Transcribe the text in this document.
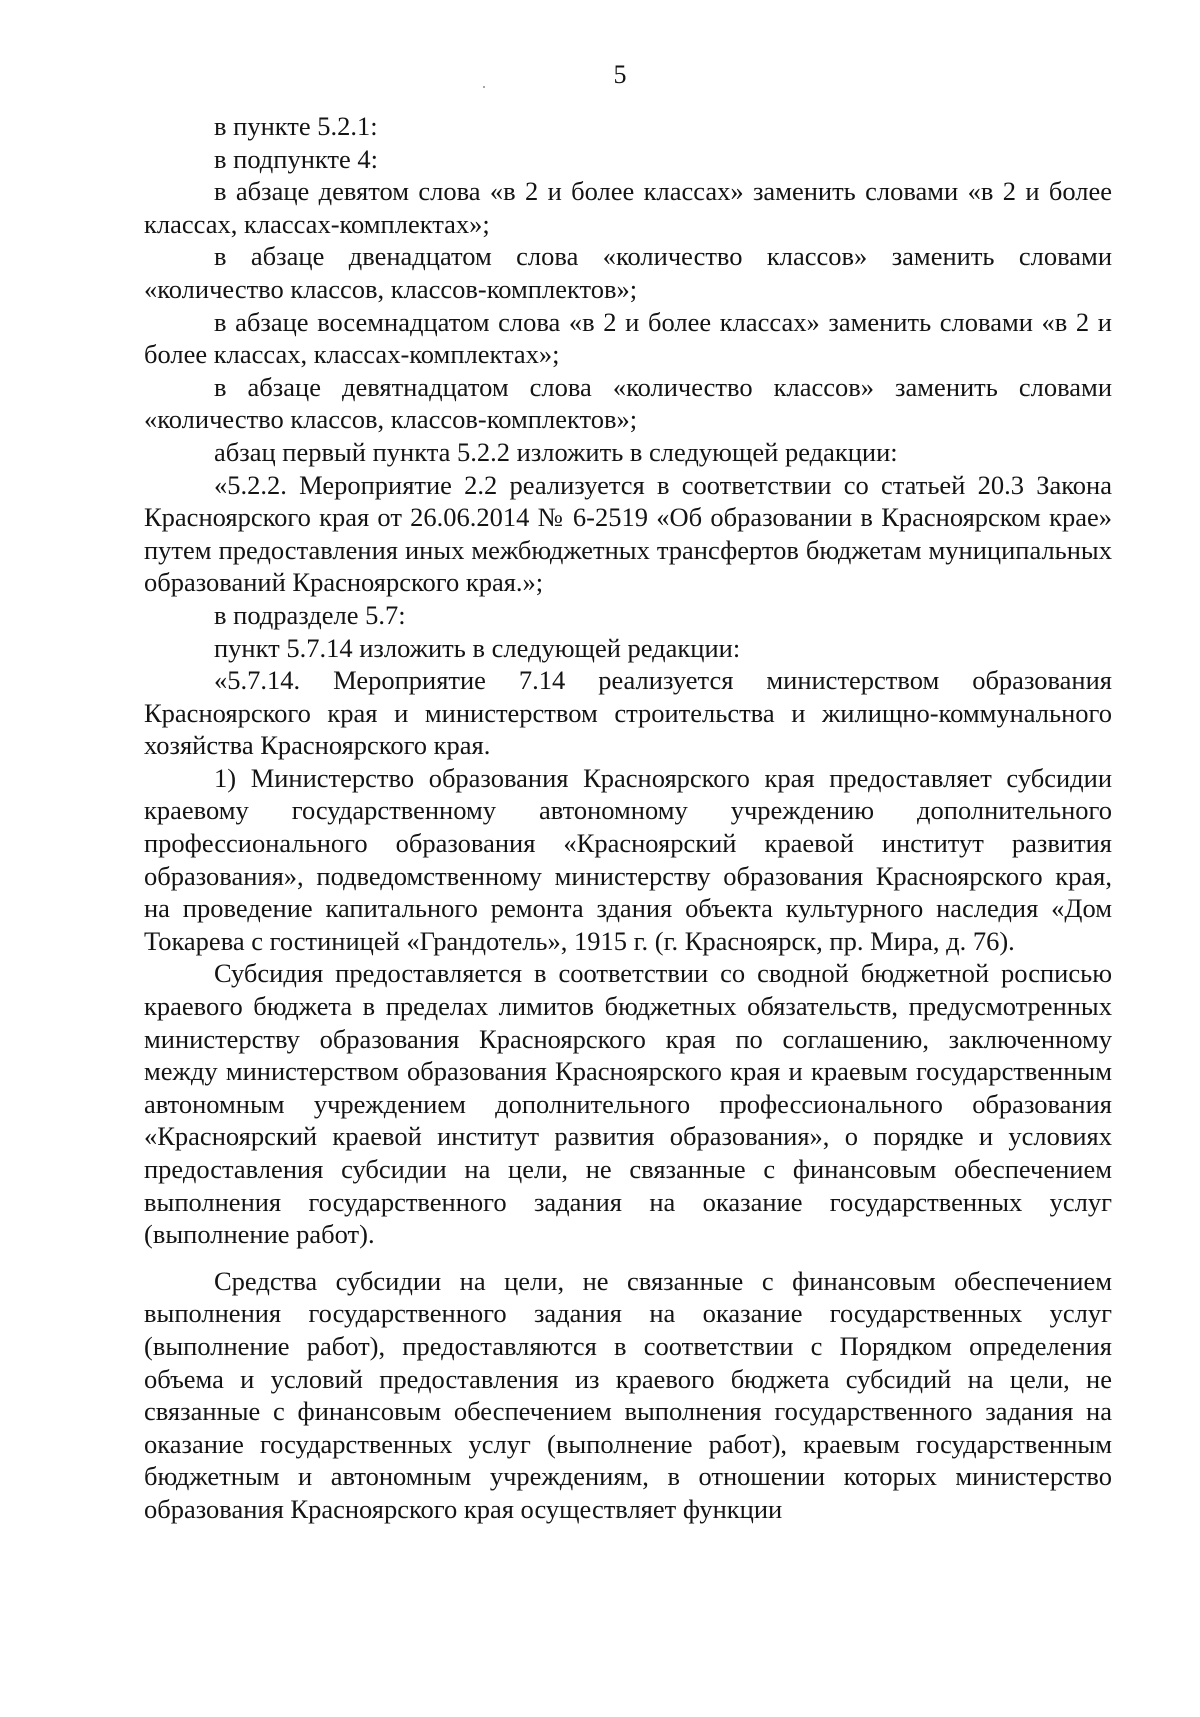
5

в пункте 5.2.1:

в подпункте 4:

в абзаце девятом слова «в 2 и более классах» заменить словами «в 2 и более классах, классах-комплектах»;

в абзаце двенадцатом слова «количество классов» заменить словами «количество классов, классов-комплектов»;

в абзаце восемнадцатом слова «в 2 и более классах» заменить словами «в 2 и более классах, классах-комплектах»;

в абзаце девятнадцатом слова «количество классов» заменить словами «количество классов, классов-комплектов»;

абзац первый пункта 5.2.2 изложить в следующей редакции:

«5.2.2. Мероприятие 2.2 реализуется в соответствии со статьей 20.3 Закона Красноярского края от 26.06.2014 № 6-2519 «Об образовании в Красноярском крае» путем предоставления иных межбюджетных трансфертов бюджетам муниципальных образований Красноярского края.»;

в подразделе 5.7:

пункт 5.7.14 изложить в следующей редакции:

«5.7.14. Мероприятие 7.14 реализуется министерством образования Красноярского края и министерством строительства и жилищно-коммунального хозяйства Красноярского края.

1) Министерство образования Красноярского края предоставляет субсидии краевому государственному автономному учреждению дополнительного профессионального образования «Красноярский краевой институт развития образования», подведомственному министерству образования Красноярского края, на проведение капитального ремонта здания объекта культурного наследия «Дом Токарева с гостиницей «Грандотель», 1915 г. (г. Красноярск, пр. Мира, д. 76).

Субсидия предоставляется в соответствии со сводной бюджетной росписью краевого бюджета в пределах лимитов бюджетных обязательств, предусмотренных министерству образования Красноярского края по соглашению, заключенному между министерством образования Красноярского края и краевым государственным автономным учреждением дополнительного профессионального образования «Красноярский краевой институт развития образования», о порядке и условиях предоставления субсидии на цели, не связанные с финансовым обеспечением выполнения государственного задания на оказание государственных услуг (выполнение работ).

Средства субсидии на цели, не связанные с финансовым обеспечением выполнения государственного задания на оказание государственных услуг (выполнение работ), предоставляются в соответствии с Порядком определения объема и условий предоставления из краевого бюджета субсидий на цели, не связанные с финансовым обеспечением выполнения государственного задания на оказание государственных услуг (выполнение работ), краевым государственным бюджетным и автономным учреждениям, в отношении которых министерство образования Красноярского края осуществляет функции
